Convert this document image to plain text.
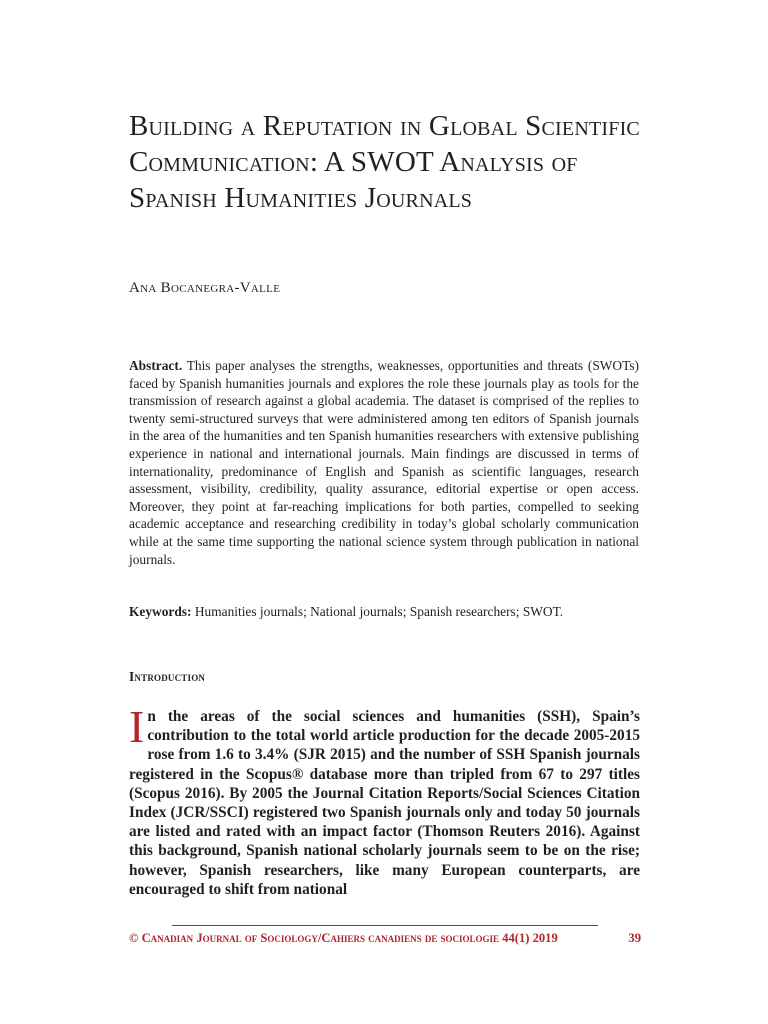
Building a Reputation in Global Scientific Communication: A SWOT Analysis of Spanish Humanities Journals
Ana Bocanegra-Valle
Abstract. This paper analyses the strengths, weaknesses, opportunities and threats (SWOTs) faced by Spanish humanities journals and explores the role these journals play as tools for the transmission of research against a global academia. The dataset is comprised of the replies to twenty semi-structured surveys that were administered among ten editors of Spanish journals in the area of the humanities and ten Spanish humanities researchers with extensive publishing experience in national and international journals. Main findings are discussed in terms of internationality, predominance of English and Spanish as scientific languages, research assessment, visibility, credibility, quality assurance, editorial expertise or open access. Moreover, they point at far-reaching implications for both parties, compelled to seeking academic acceptance and researching credibility in today’s global scholarly communication while at the same time supporting the national science system through publication in national journals.
Keywords: Humanities journals; National journals; Spanish researchers; SWOT.
Introduction
I n the areas of the social sciences and humanities (SSH), Spain’s contribution to the total world article production for the decade 2005-2015 rose from 1.6 to 3.4% (SJR 2015) and the number of SSH Spanish journals registered in the Scopus® database more than tripled from 67 to 297 titles (Scopus 2016). By 2005 the Journal Citation Reports/Social Sciences Citation Index (JCR/SSCI) registered two Spanish journals only and today 50 journals are listed and rated with an impact factor (Thomson Reuters 2016). Against this background, Spanish national scholarly journals seem to be on the rise; however, Spanish researchers, like many European counterparts, are encouraged to shift from national
© Canadian Journal of Sociology/Cahiers canadiens de sociologie 44(1) 2019	39
